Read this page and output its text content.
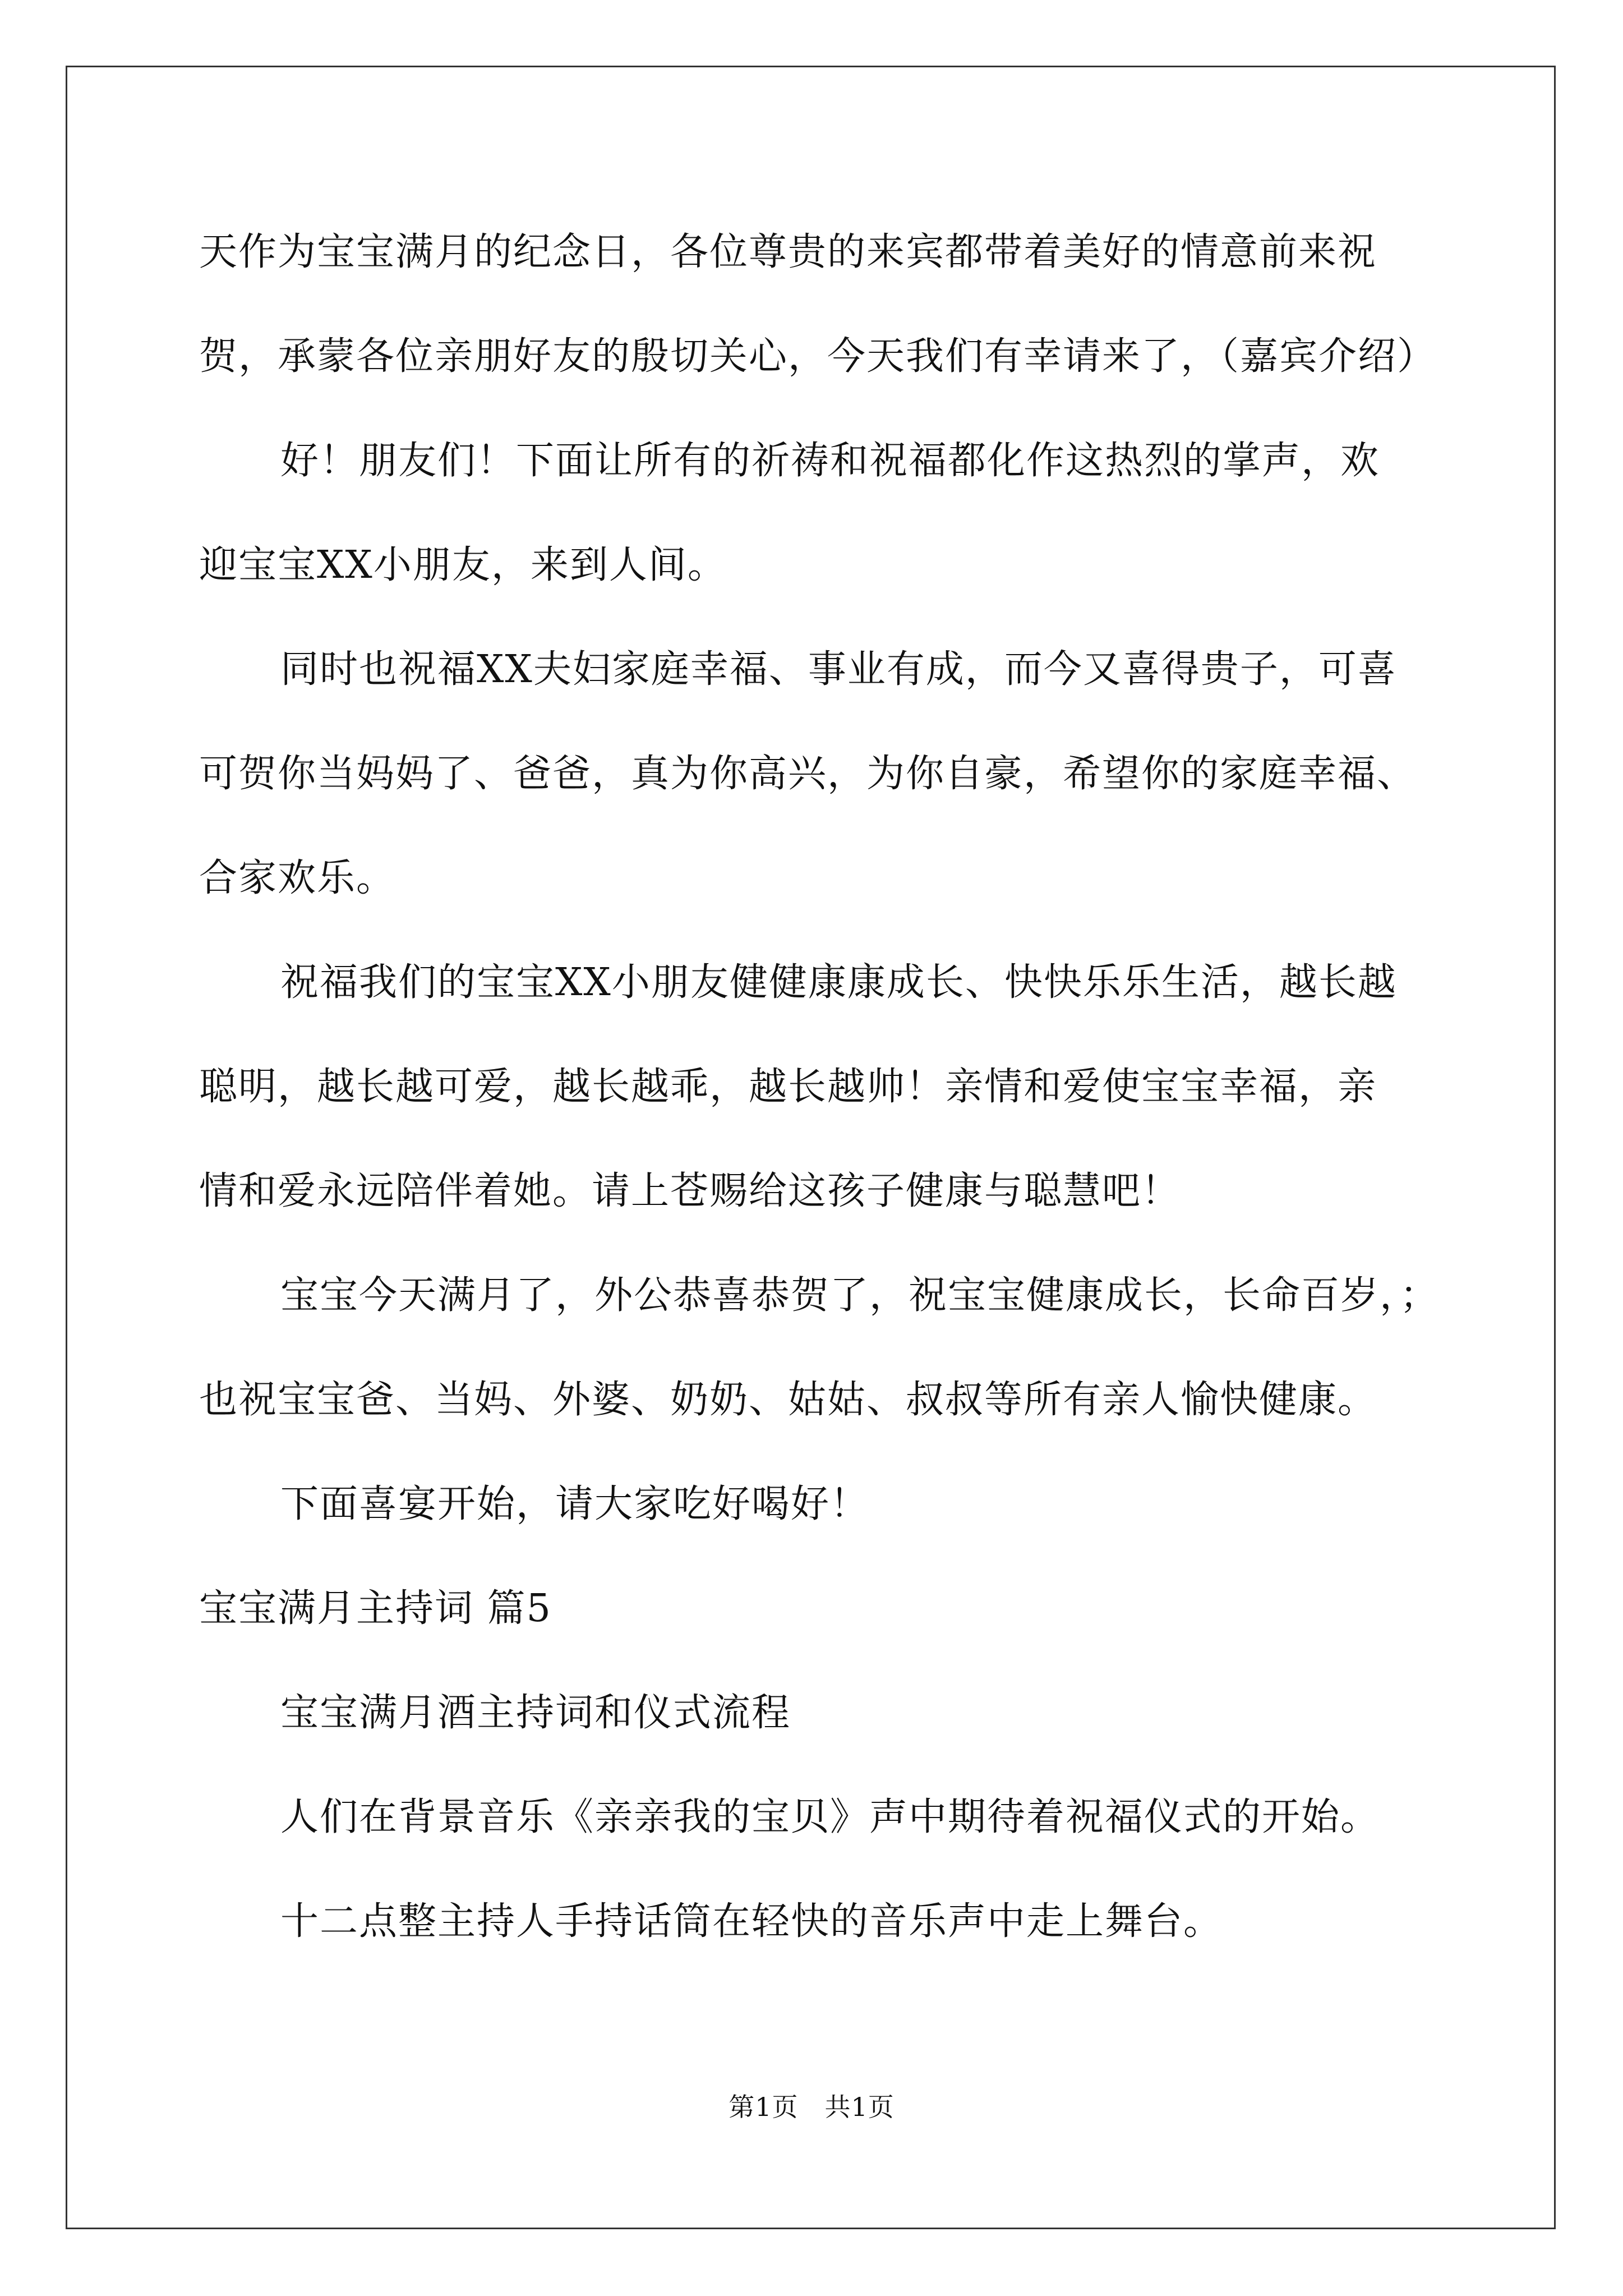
天作为宝宝满月的纪念日，各位尊贵的来宾都带着美好的情意前来祝
贺，承蒙各位亲朋好友的殷切关心，今天我们有幸请来了，（嘉宾介绍）
好！朋友们！下面让所有的祈祷和祝福都化作这热烈的掌声，欢
迎宝宝XX小朋友，来到人间。
同时也祝福XX夫妇家庭幸福、事业有成，而今又喜得贵子，可喜
可贺你当妈妈了、爸爸，真为你高兴，为你自豪，希望你的家庭幸福、
合家欢乐。
祝福我们的宝宝XX小朋友健健康康成长、快快乐乐生活，越长越
聪明，越长越可爱，越长越乖，越长越帅！亲情和爱使宝宝幸福，亲
情和爱永远陪伴着她。请上苍赐给这孩子健康与聪慧吧！
宝宝今天满月了，外公恭喜恭贺了，祝宝宝健康成长，长命百岁，；
也祝宝宝爸、当妈、外婆、奶奶、姑姑、叔叔等所有亲人愉快健康。
下面喜宴开始，请大家吃好喝好！
宝宝满月主持词 篇5
宝宝满月酒主持词和仪式流程
人们在背景音乐《亲亲我的宝贝》声中期待着祝福仪式的开始。
十二点整主持人手持话筒在轻快的音乐声中走上舞台。
第1页　共1页
